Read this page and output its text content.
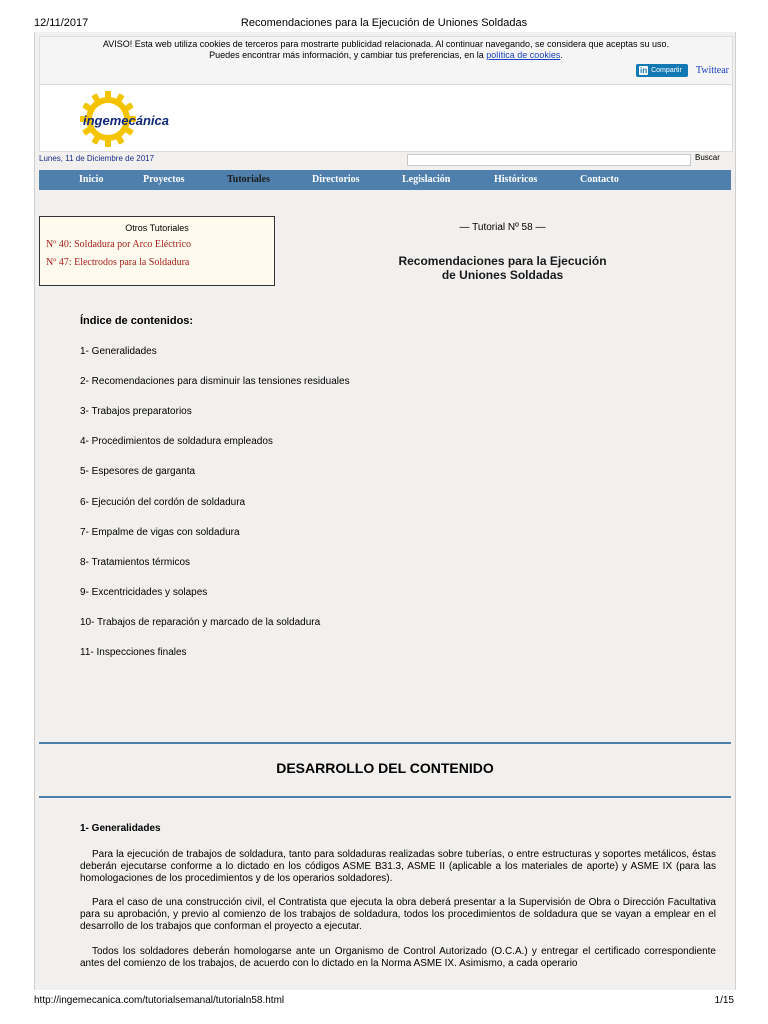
12/11/2017	Recomendaciones para la Ejecución de Uniones Soldadas
AVISO! Esta web utiliza cookies de terceros para mostrarte publicidad relacionada. Al continuar navegando, se considera que aceptas su uso.
Puedes encontrar más información, y cambiar tus preferencias, en la política de cookies.
in Compartir Twittear
ingemecánica
Lunes, 11 de Diciembre de 2017	Buscar
Inicio	Proyectos	Tutoriales	Directorios	Legislación	Históricos	Contacto
Otros Tutoriales
Nº 40: Soldadura por Arco Eléctrico
Nº 47: Electrodos para la Soldadura
— Tutorial Nº 58 —
Recomendaciones para la Ejecución
de Uniones Soldadas
Índice de contenidos:
1- Generalidades
2- Recomendaciones para disminuir las tensiones residuales
3- Trabajos preparatorios
4- Procedimientos de soldadura empleados
5- Espesores de garganta
6- Ejecución del cordón de soldadura
7- Empalme de vigas con soldadura
8- Tratamientos térmicos
9- Excentricidades y solapes
10- Trabajos de reparación y marcado de la soldadura
11- Inspecciones finales
DESARROLLO DEL CONTENIDO
1- Generalidades
Para la ejecución de trabajos de soldadura, tanto para soldaduras realizadas sobre tuberías, o entre estructuras y soportes metálicos, éstas deberán ejecutarse conforme a lo dictado en los códigos ASME B31.3, ASME II (aplicable a los materiales de aporte) y ASME IX (para las homologaciones de los procedimientos y de los operarios soldadores).
Para el caso de una construcción civil, el Contratista que ejecuta la obra deberá presentar a la Supervisión de Obra o Dirección Facultativa para su aprobación, y previo al comienzo de los trabajos de soldadura, todos los procedimientos de soldadura que se vayan a emplear en el desarrollo de los trabajos que conforman el proyecto a ejecutar.
Todos los soldadores deberán homologarse ante un Organismo de Control Autorizado (O.C.A.) y entregar el certificado correspondiente antes del comienzo de los trabajos, de acuerdo con lo dictado en la Norma ASME IX. Asimismo, a cada operario
http://ingemecanica.com/tutorialsemanal/tutorialn58.html	1/15
